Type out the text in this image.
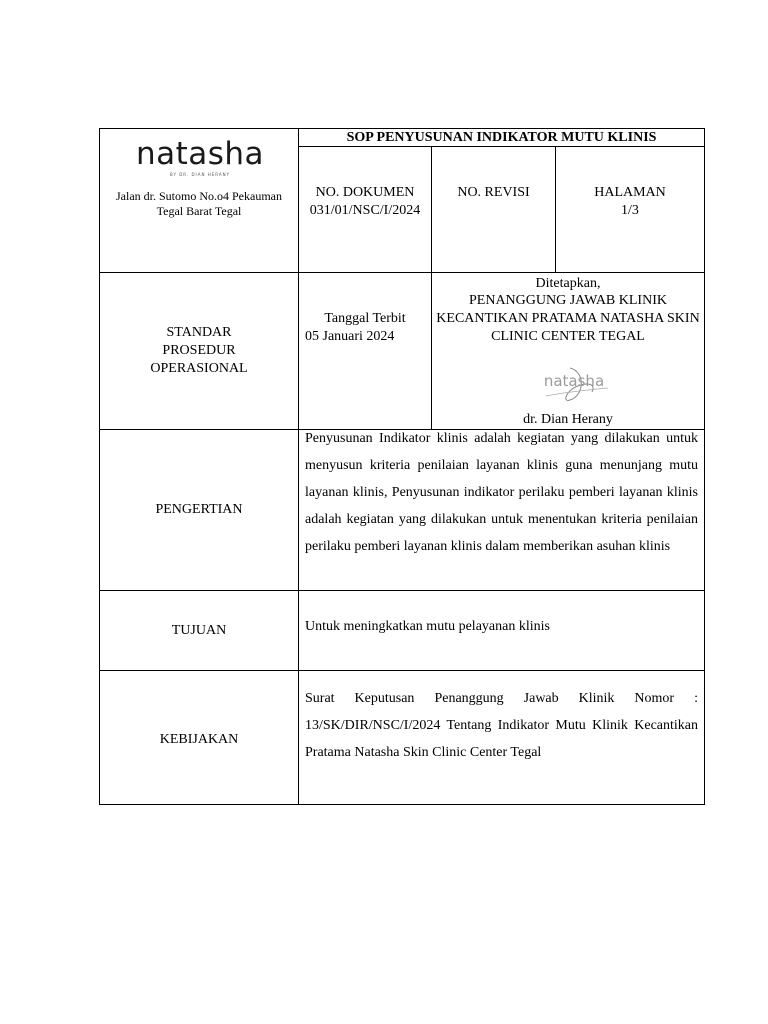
natasha
BY DR. DIAN HERANY
Jalan dr. Sutomo No.o4 Pekauman Tegal Barat Tegal
SOP PENYUSUNAN INDIKATOR MUTU KLINIS
NO. DOKUMEN
031/01/NSC/I/2024
NO. REVISI	HALAMAN
1/3
STANDAR PROSEDUR OPERASIONAL
Tanggal Terbit
05 Januari 2024
Ditetapkan,
PENANGGUNG JAWAB KLINIK KECANTIKAN PRATAMA NATASHA SKIN CLINIC CENTER TEGAL
natasha
dr. Dian Herany
PENGERTIAN
Penyusunan Indikator klinis adalah kegiatan yang dilakukan untuk menyusun kriteria penilaian layanan klinis guna menunjang mutu layanan klinis, Penyusunan indikator perilaku pemberi layanan klinis adalah kegiatan yang dilakukan untuk menentukan kriteria penilaian perilaku pemberi layanan klinis dalam memberikan asuhan klinis
TUJUAN	Untuk meningkatkan mutu pelayanan klinis
KEBIJAKAN
Surat Keputusan Penanggung Jawab Klinik Nomor : 13/SK/DIR/NSC/I/2024 Tentang Indikator Mutu Klinik Kecantikan Pratama Natasha Skin Clinic Center Tegal
